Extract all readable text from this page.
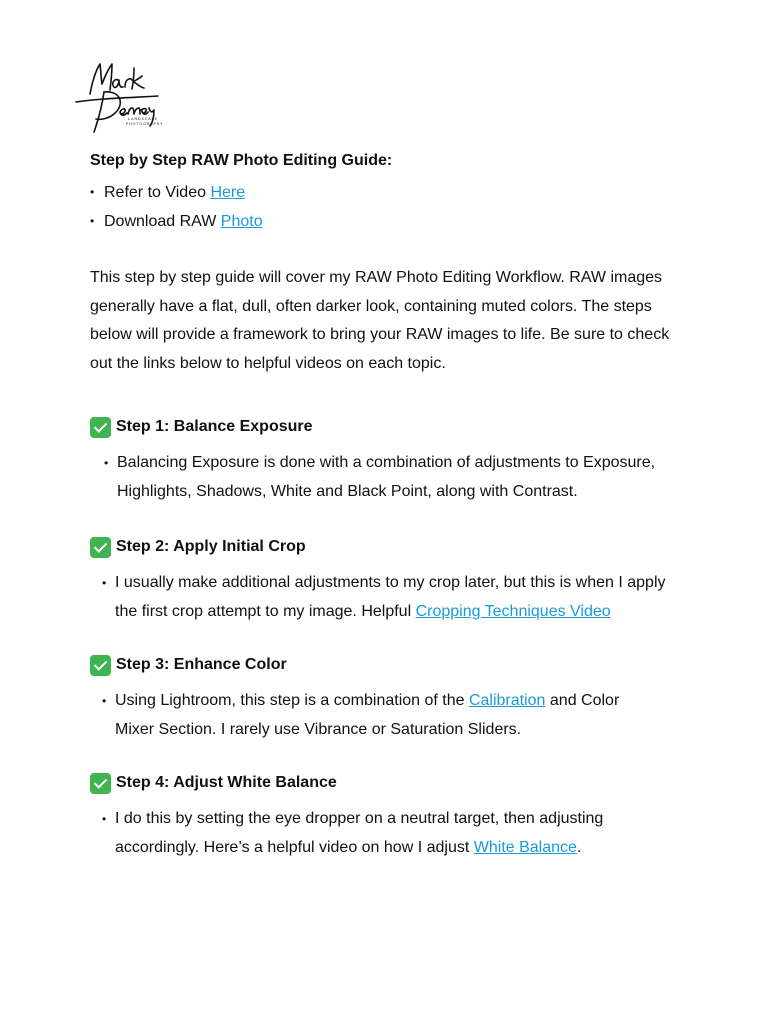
LANDSCAPE
PHOTOGRAPHY
Step by Step RAW Photo Editing Guide:
• Refer to Video Here
• Download RAW Photo

This step by step guide will cover my RAW Photo Editing Workflow. RAW images generally have a flat, dull, often darker look, containing muted colors. The steps below will provide a framework to bring your RAW images to life. Be sure to check out the links below to helpful videos on each topic.

Step 1: Balance Exposure
• Balancing Exposure is done with a combination of adjustments to Exposure, Highlights, Shadows, White and Black Point, along with Contrast.
Step 2: Apply Initial Crop
• I usually make additional adjustments to my crop later, but this is when I apply the first crop attempt to my image. Helpful Cropping Techniques Video
Step 3: Enhance Color
• Using Lightroom, this step is a combination of the Calibration and Color Mixer Section. I rarely use Vibrance or Saturation Sliders.
Step 4: Adjust White Balance
• I do this by setting the eye dropper on a neutral target, then adjusting accordingly. Here’s a helpful video on how I adjust White Balance.
